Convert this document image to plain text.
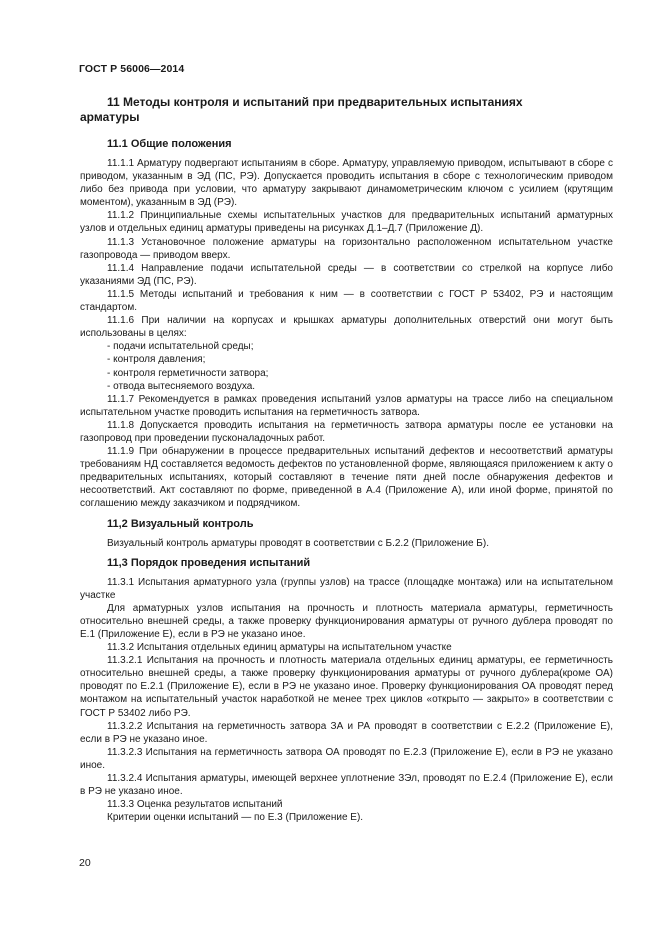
ГОСТ Р 56006—2014
11 Методы контроля и испытаний при предварительных испытаниях
арматуры
11.1 Общие положения

11.1.1 Арматуру подвергают испытаниям в сборе. Арматуру, управляемую приводом, испытывают в сборе с приводом, указанным в ЭД (ПС, РЭ). Допускается проводить испытания в сборе с технологическим приводом либо без привода при условии, что арматуру закрывают динамометрическим ключом с усилием (крутящим моментом), указанным в ЭД (РЭ).

11.1.2 Принципиальные схемы испытательных участков для предварительных испытаний арматурных узлов и отдельных единиц арматуры приведены на рисунках Д.1–Д.7 (Приложение Д).

11.1.3 Установочное положение арматуры на горизонтально расположенном испытательном участке газопровода — приводом вверх.

11.1.4 Направление подачи испытательной среды — в соответствии со стрелкой на корпусе либо указаниями ЭД (ПС, РЭ).

11.1.5 Методы испытаний и требования к ним — в соответствии с ГОСТ Р 53402, РЭ и настоящим стандартом.

11.1.6 При наличии на корпусах и крышках арматуры дополнительных отверстий они могут быть использованы в целях:

- подачи испытательной среды;
- контроля давления;
- контроля герметичности затвора;
- отвода вытесняемого воздуха.

11.1.7 Рекомендуется в рамках проведения испытаний узлов арматуры на трассе либо на специальном испытательном участке проводить испытания на герметичность затвора.

11.1.8 Допускается проводить испытания на герметичность затвора арматуры после ее установки на газопровод при проведении пусконаладочных работ.

11.1.9 При обнаружении в процессе предварительных испытаний дефектов и несоответствий арматуры требованиям НД составляется ведомость дефектов по установленной форме, являющаяся приложением к акту о предварительных испытаниях, который составляют в течение пяти дней после обнаружения дефектов и несоответствий. Акт составляют по форме, приведенной в А.4 (Приложение А), или иной форме, принятой по соглашению между заказчиком и подрядчиком.

11,2 Визуальный контроль

Визуальный контроль арматуры проводят в соответствии с Б.2.2 (Приложение Б).

11,3 Порядок проведения испытаний

11.3.1 Испытания арматурного узла (группы узлов) на трассе (площадке монтажа) или на испытательном участке

Для арматурных узлов испытания на прочность и плотность материала арматуры, герметичность относительно внешней среды, а также проверку функционирования арматуры от ручного дублера проводят по Е.1 (Приложение Е), если в РЭ не указано иное.

11.3.2 Испытания отдельных единиц арматуры на испытательном участке

11.3.2.1 Испытания на прочность и плотность материала отдельных единиц арматуры, ее герметичность относительно внешней среды, а также проверку функционирования арматуры от ручного дублера(кроме ОА) проводят по Е.2.1 (Приложение Е), если в РЭ не указано иное. Проверку функционирования ОА проводят перед монтажом на испытательный участок наработкой не менее трех циклов «открыто — закрыто» в соответствии с ГОСТ Р 53402 либо РЭ.

11.3.2.2 Испытания на герметичность затвора ЗА и РА проводят в соответствии с Е.2.2 (Приложение Е), если в РЭ не указано иное.

11.3.2.3 Испытания на герметичность затвора ОА проводят по Е.2.3 (Приложение Е), если в РЭ не указано иное.

11.3.2.4 Испытания арматуры, имеющей верхнее уплотнение ЗЭл, проводят по Е.2.4 (Приложение Е), если в РЭ не указано иное.

11.3.3 Оценка результатов испытаний

Критерии оценки испытаний — по Е.3 (Приложение Е).

20
